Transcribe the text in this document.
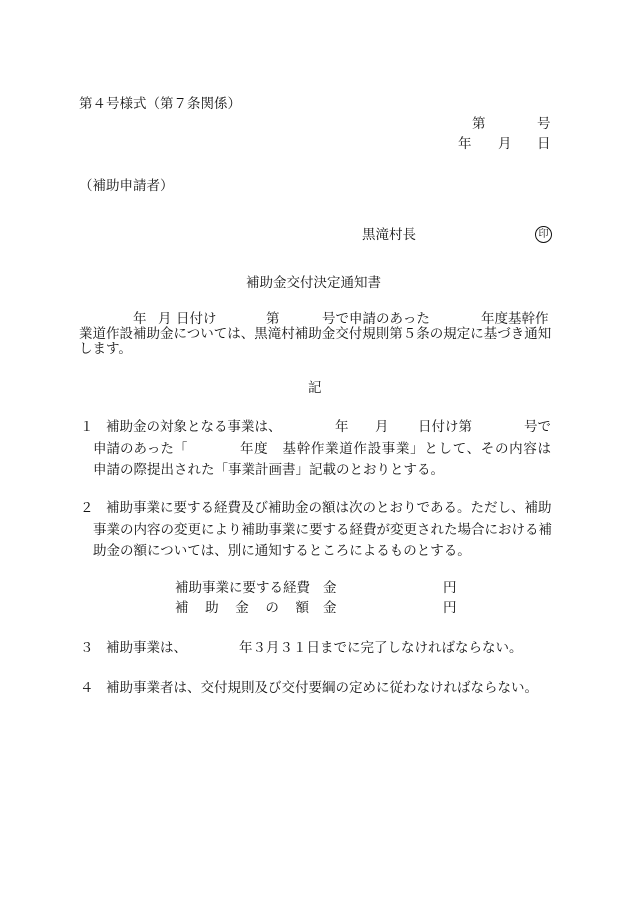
第４号様式（第７条関係）
第	号
年 月 日
（補助申請者）
黒滝村長	印
補助金交付決定通知書
年 月 日付け	第	号で申請のあった	年度基幹作
業道作設補助金については、黒滝村補助金交付規則第５条の規定に基づき通知
します。
記
１ 補助金の対象となる事業は、	年 月 日付け第	号で
申請のあった「	年度　基幹作業道作設事業」として、その内容は
申請の際提出された「事業計画書」記載のとおりとする。
２ 補助事業に要する経費及び補助金の額は次のとおりである。ただし、補助
事業の内容の変更により補助事業に要する経費が変更された場合における補
助金の額については、別に通知するところによるものとする。
補助事業に要する経費 金	円
補助金の額 金	円
３ 補助事業は、	年３月３１日までに完了しなければならない。
４ 補助事業者は、交付規則及び交付要綱の定めに従わなければならない。
